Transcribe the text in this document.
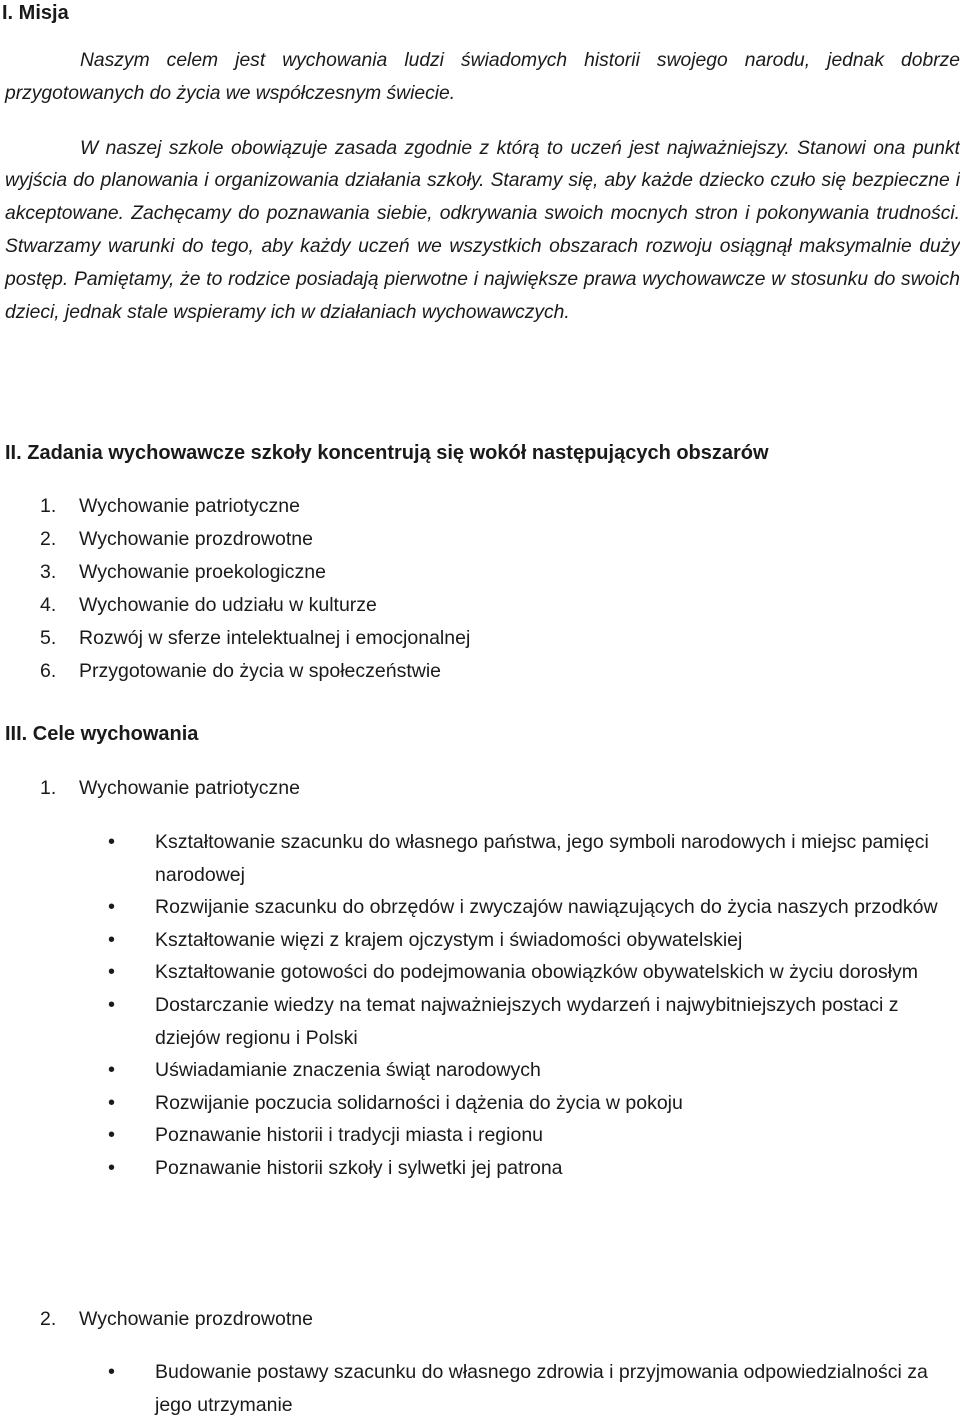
I. Misja

Naszym celem jest wychowania ludzi świadomych historii swojego narodu, jednak dobrze przygotowanych do życia we współczesnym świecie.

W naszej szkole obowiązuje zasada zgodnie z którą to uczeń jest najważniejszy. Stanowi ona punkt wyjścia do planowania i organizowania działania szkoły. Staramy się, aby każde dziecko czuło się bezpieczne i akceptowane. Zachęcamy do poznawania siebie, odkrywania swoich mocnych stron i pokonywania trudności. Stwarzamy warunki do tego, aby każdy uczeń we wszystkich obszarach rozwoju osiągnął maksymalnie duży postęp. Pamiętamy, że to rodzice posiadają pierwotne i największe prawa wychowawcze w stosunku do swoich dzieci, jednak stale wspieramy ich w działaniach wychowawczych.

II. Zadania wychowawcze szkoły koncentrują się wokół następujących obszarów
1. Wychowanie patriotyczne
2. Wychowanie prozdrowotne
3. Wychowanie proekologiczne
4. Wychowanie do udziału w kulturze
5. Rozwój w sferze intelektualnej i emocjonalnej
6. Przygotowanie do życia w społeczeństwie
III. Cele wychowania
1. Wychowanie patriotyczne
• Kształtowanie szacunku do własnego państwa, jego symboli narodowych i miejsc pamięci narodowej
• Rozwijanie szacunku do obrzędów i zwyczajów nawiązujących do życia naszych przodków
• Kształtowanie więzi z krajem ojczystym i świadomości obywatelskiej
• Kształtowanie gotowości do podejmowania obowiązków obywatelskich w życiu dorosłym
• Dostarczanie wiedzy na temat najważniejszych wydarzeń i najwybitniejszych postaci z dziejów regionu i Polski
• Uświadamianie znaczenia świąt narodowych
• Rozwijanie poczucia solidarności i dążenia do życia w pokoju
• Poznawanie historii i tradycji miasta i regionu
• Poznawanie historii szkoły i sylwetki jej patrona
2. Wychowanie prozdrowotne
• Budowanie postawy szacunku do własnego zdrowia i przyjmowania odpowiedzialności za jego utrzymanie
